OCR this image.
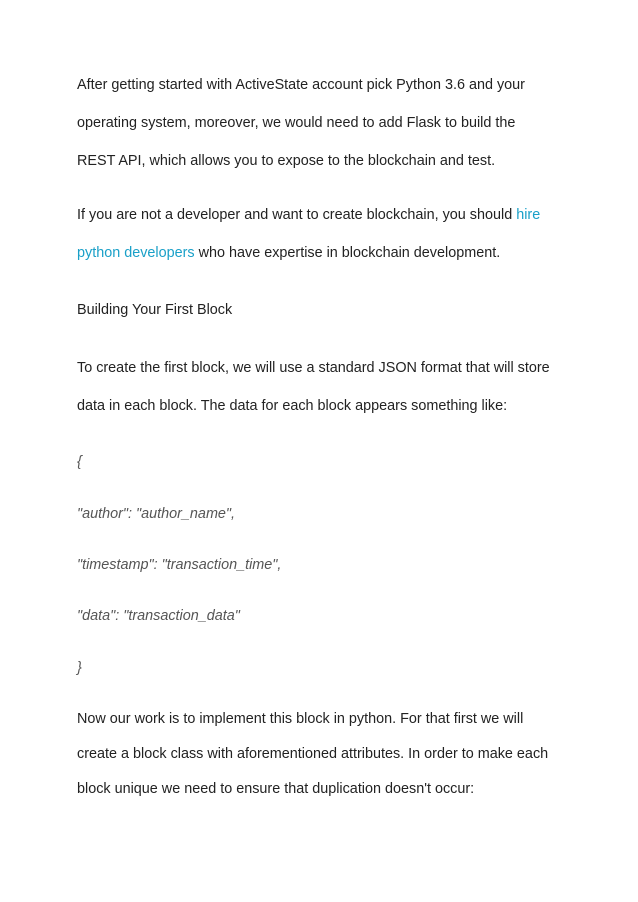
After getting started with ActiveState account pick Python 3.6 and your

operating system, moreover, we would need to add Flask to build the

REST API, which allows you to expose to the blockchain and test.

If you are not a developer and want to create blockchain, you should hire

python developers who have expertise in blockchain development.

Building Your First Block

To create the first block, we will use a standard JSON format that will store

data in each block. The data for each block appears something like:

{

"author": "author_name",

"timestamp": "transaction_time",

"data": "transaction_data"

}

Now our work is to implement this block in python. For that first we will

create a block class with aforementioned attributes. In order to make each

block unique we need to ensure that duplication doesn't occur:
